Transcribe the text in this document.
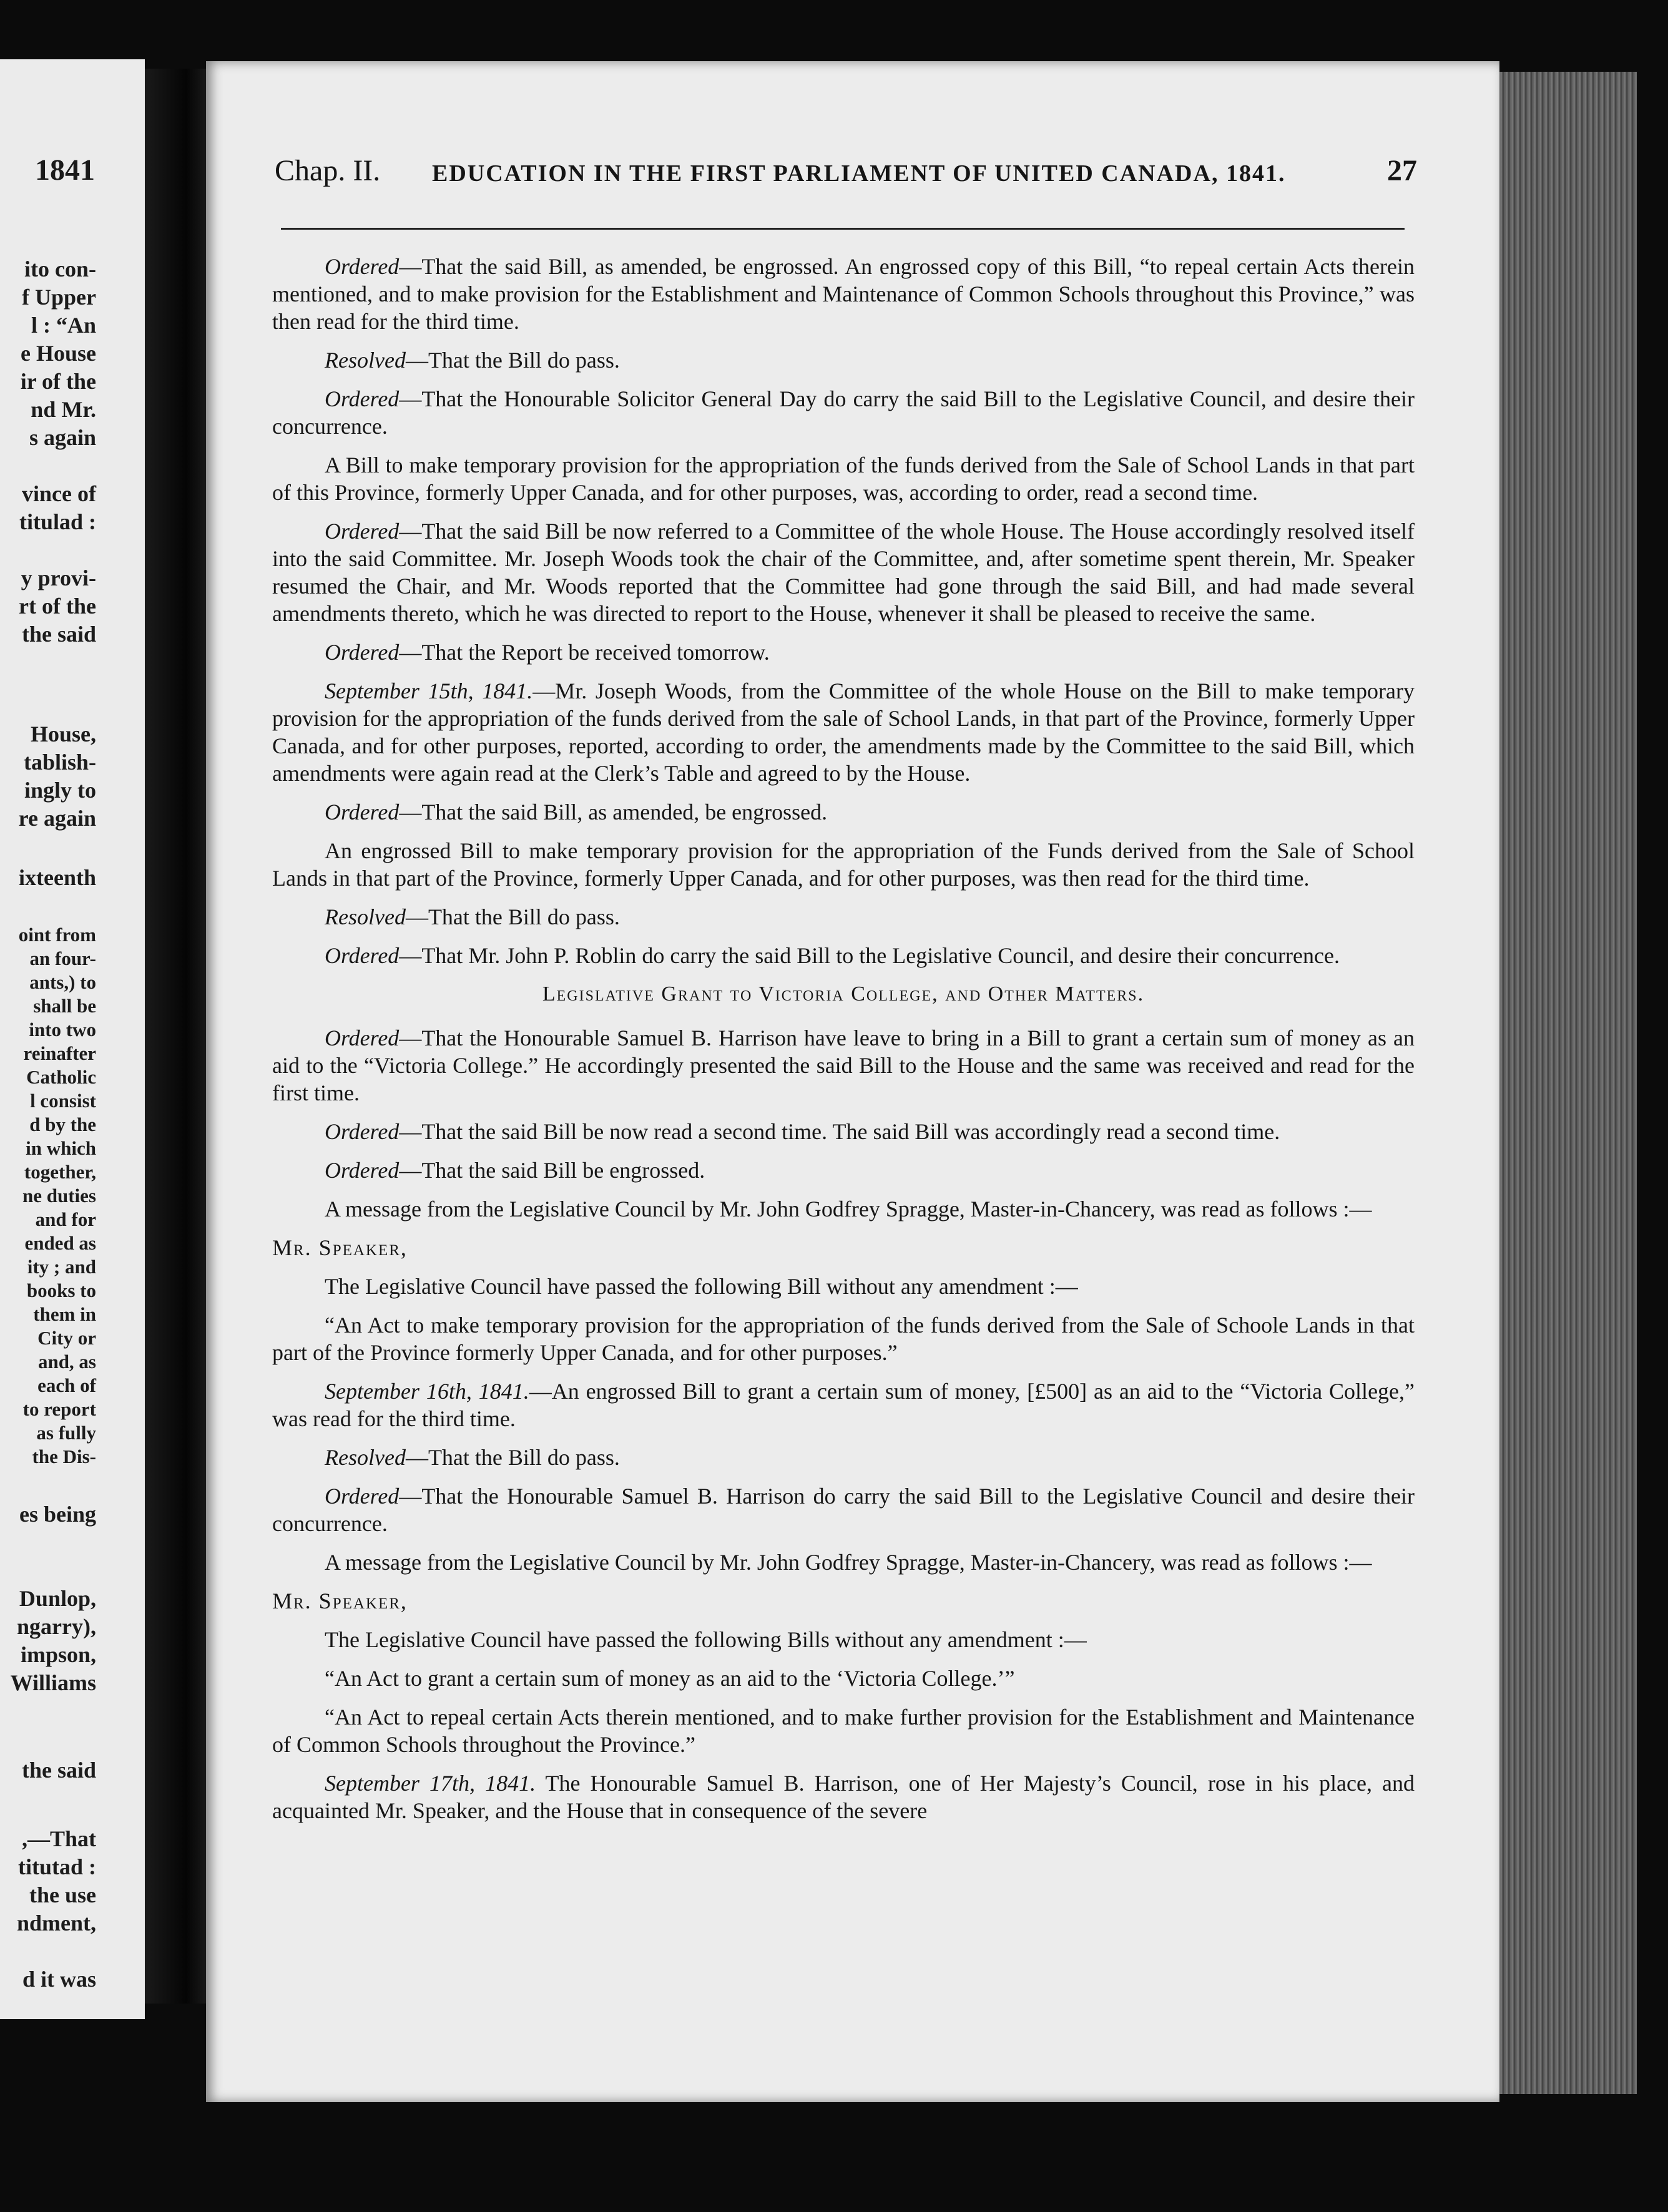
1841
ito con-
f Upper
l : “An
e House
ir of the
nd Mr.
s again
vince of
titulad :
y provi-
rt of the
the said
House,
tablish-
ingly to
re again
ixteenth
oint from
an four-
ants,) to
shall be
into two
reinafter
Catholic
l consist
d by the
in which
together,
ne duties
and for
ended as
ity ; and
books to
them in
City or
and, as
each of
to report
as fully
the Dis-
es being
Dunlop,
ngarry),
impson,
Williams
the said
,—That
titutad :
the use
ndment,
d it was
Chap. II. EDUCATION IN THE FIRST PARLIAMENT OF UNITED CANADA, 1841.	27

Ordered—That the said Bill, as amended, be engrossed. An engrossed copy of this Bill, “to repeal certain Acts therein mentioned, and to make provision for the Establishment and Maintenance of Common Schools throughout this Province,” was then read for the third time.

Resolved—That the Bill do pass.

Ordered—That the Honourable Solicitor General Day do carry the said Bill to the Legislative Council, and desire their concurrence.

A Bill to make temporary provision for the appropriation of the funds derived from the Sale of School Lands in that part of this Province, formerly Upper Canada, and for other purposes, was, according to order, read a second time.

Ordered—That the said Bill be now referred to a Committee of the whole House. The House accordingly resolved itself into the said Committee. Mr. Joseph Woods took the chair of the Committee, and, after sometime spent therein, Mr. Speaker resumed the Chair, and Mr. Woods reported that the Committee had gone through the said Bill, and had made several amendments thereto, which he was directed to report to the House, whenever it shall be pleased to receive the same.

Ordered—That the Report be received tomorrow.

September 15th, 1841.—Mr. Joseph Woods, from the Committee of the whole House on the Bill to make temporary provision for the appropriation of the funds derived from the sale of School Lands, in that part of the Province, formerly Upper Canada, and for other purposes, reported, according to order, the amendments made by the Committee to the said Bill, which amendments were again read at the Clerk’s Table and agreed to by the House.

Ordered—That the said Bill, as amended, be engrossed.

An engrossed Bill to make temporary provision for the appropriation of the Funds derived from the Sale of School Lands in that part of the Province, formerly Upper Canada, and for other purposes, was then read for the third time.

Resolved—That the Bill do pass.

Ordered—That Mr. John P. Roblin do carry the said Bill to the Legislative Council, and desire their concurrence.

Legislative Grant to Victoria College, and Other Matters.

Ordered—That the Honourable Samuel B. Harrison have leave to bring in a Bill to grant a certain sum of money as an aid to the “Victoria College.” He accordingly presented the said Bill to the House and the same was received and read for the first time.

Ordered—That the said Bill be now read a second time. The said Bill was accordingly read a second time.

Ordered—That the said Bill be engrossed.

A message from the Legislative Council by Mr. John Godfrey Spragge, Master-in-Chancery, was read as follows :—

Mr. Speaker,

The Legislative Council have passed the following Bill without any amendment :—

“An Act to make temporary provision for the appropriation of the funds derived from the Sale of Schoole Lands in that part of the Province formerly Upper Canada, and for other purposes.”

September 16th, 1841.—An engrossed Bill to grant a certain sum of money, [£500] as an aid to the “Victoria College,” was read for the third time.

Resolved—That the Bill do pass.

Ordered—That the Honourable Samuel B. Harrison do carry the said Bill to the Legislative Council and desire their concurrence.

A message from the Legislative Council by Mr. John Godfrey Spragge, Master-in-Chancery, was read as follows :—

Mr. Speaker,

The Legislative Council have passed the following Bills without any amendment :—

“An Act to grant a certain sum of money as an aid to the ‘Victoria College.’”

“An Act to repeal certain Acts therein mentioned, and to make further provision for the Establishment and Maintenance of Common Schools throughout the Province.”

September 17th, 1841. The Honourable Samuel B. Harrison, one of Her Majesty’s Council, rose in his place, and acquainted Mr. Speaker, and the House that in consequence of the severe
